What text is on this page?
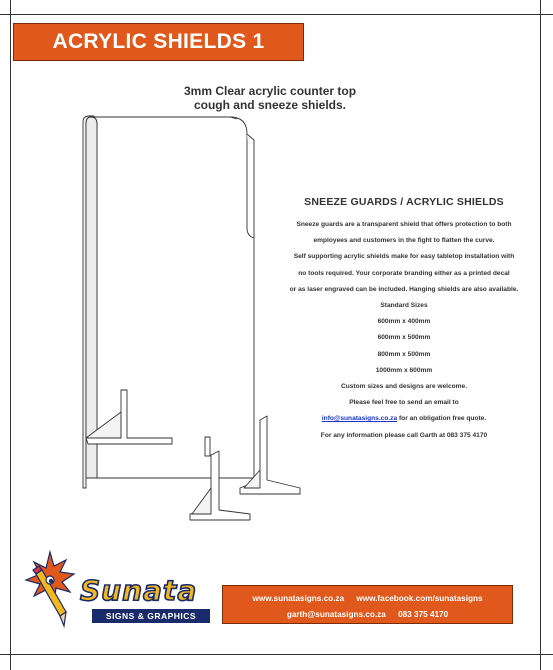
ACRYLIC SHIELDS 1
3mm Clear acrylic counter top
cough and sneeze shields.
SNEEZE GUARDS / ACRYLIC SHIELDS
Sneeze guards are a transparent shield that offers protection to both
employees and customers in the fight to flatten the curve.
Self supporting acrylic shields make for easy tabletop installation with
no tools required. Your corporate branding either as a printed decal
or as laser engraved can be included. Hanging shields are also available.
Standard Sizes
600mm x 400mm
600mm x 500mm
800mm x 500mm
1000mm x 600mm
Custom sizes and designs are welcome.
Please feel free to send an email to
info@sunatasigns.co.za for an obligation free quote.
For any information please call Garth at 083 375 4170
Sunata
SIGNS & GRAPHICS
www.sunatasigns.co.za www.facebook.com/sunatasigns
garth@sunatasigns.co.za 083 375 4170
